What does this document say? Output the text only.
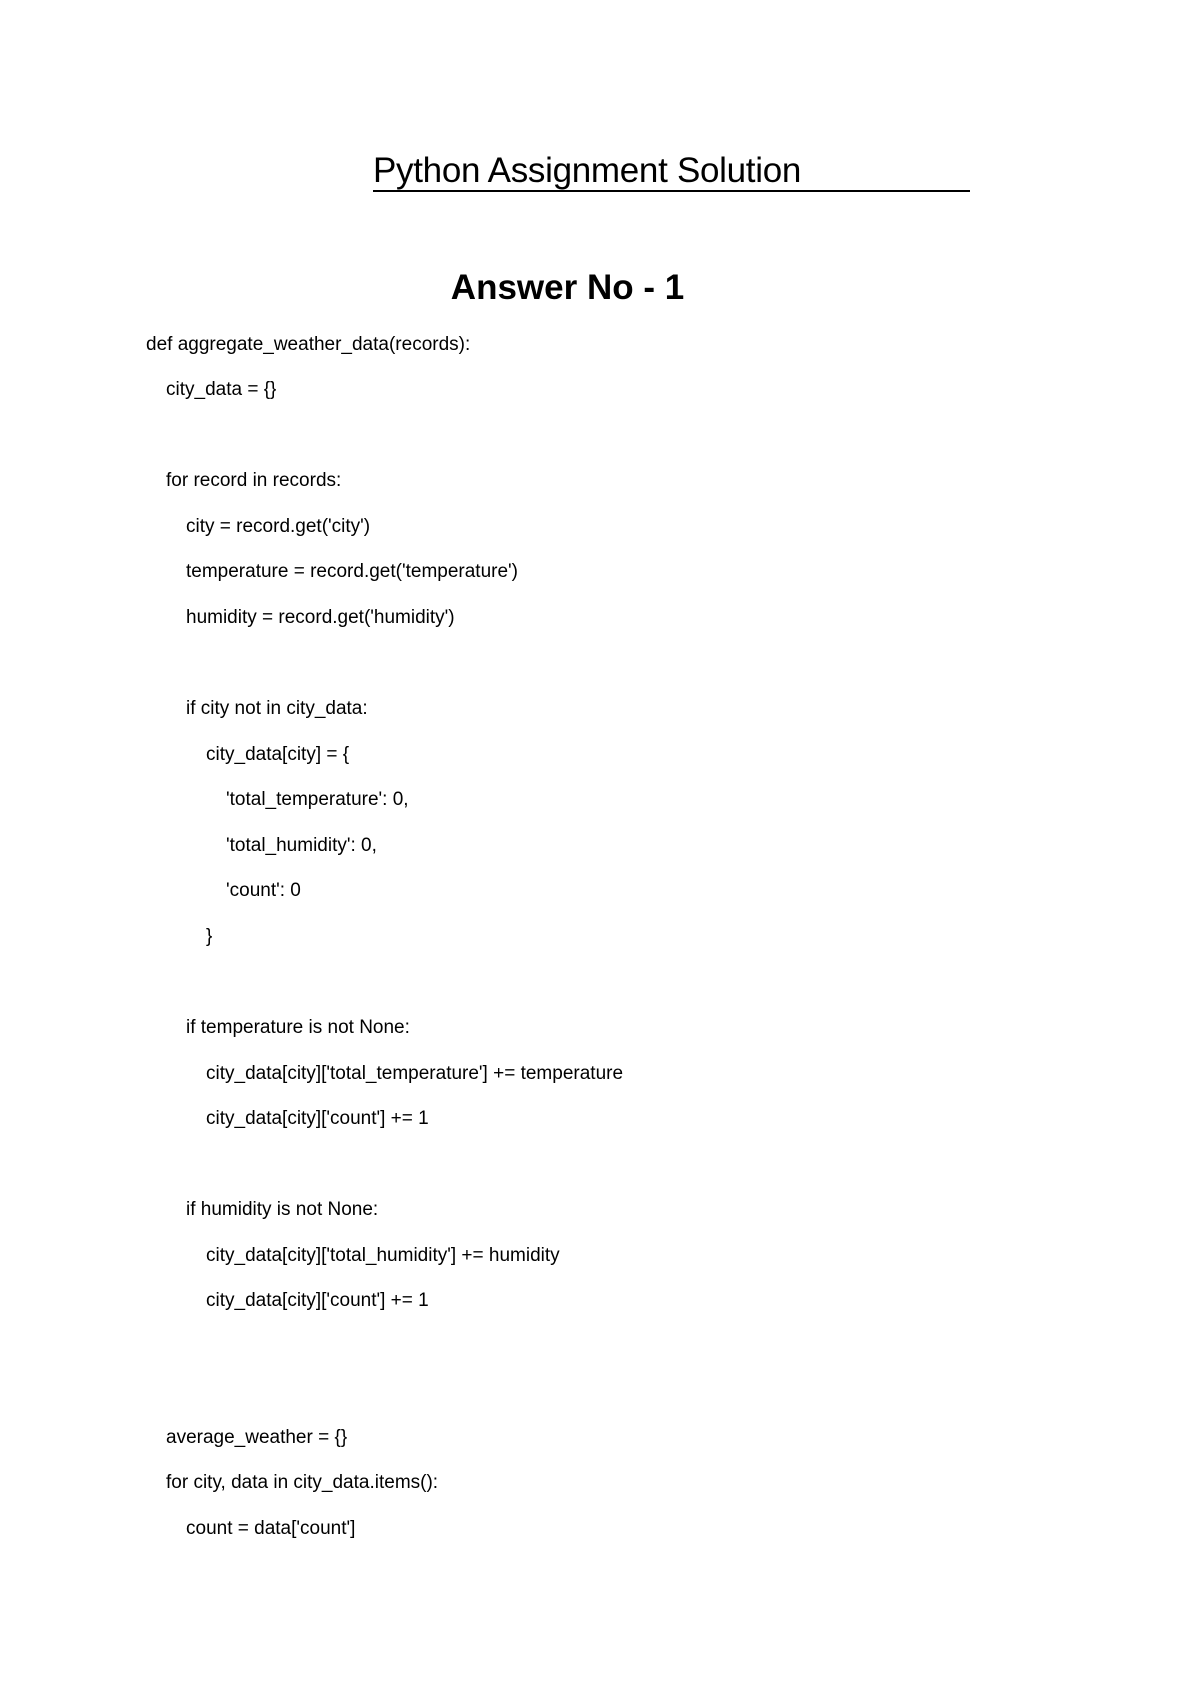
Python Assignment Solution
Answer No - 1
def aggregate_weather_data(records):
city_data = {}
for record in records:
city = record.get('city')
temperature = record.get('temperature')
humidity = record.get('humidity')
if city not in city_data:
city_data[city] = {
'total_temperature': 0,
'total_humidity': 0,
'count': 0
}
if temperature is not None:
city_data[city]['total_temperature'] += temperature
city_data[city]['count'] += 1
if humidity is not None:
city_data[city]['total_humidity'] += humidity
city_data[city]['count'] += 1
average_weather = {}
for city, data in city_data.items():
count = data['count']
